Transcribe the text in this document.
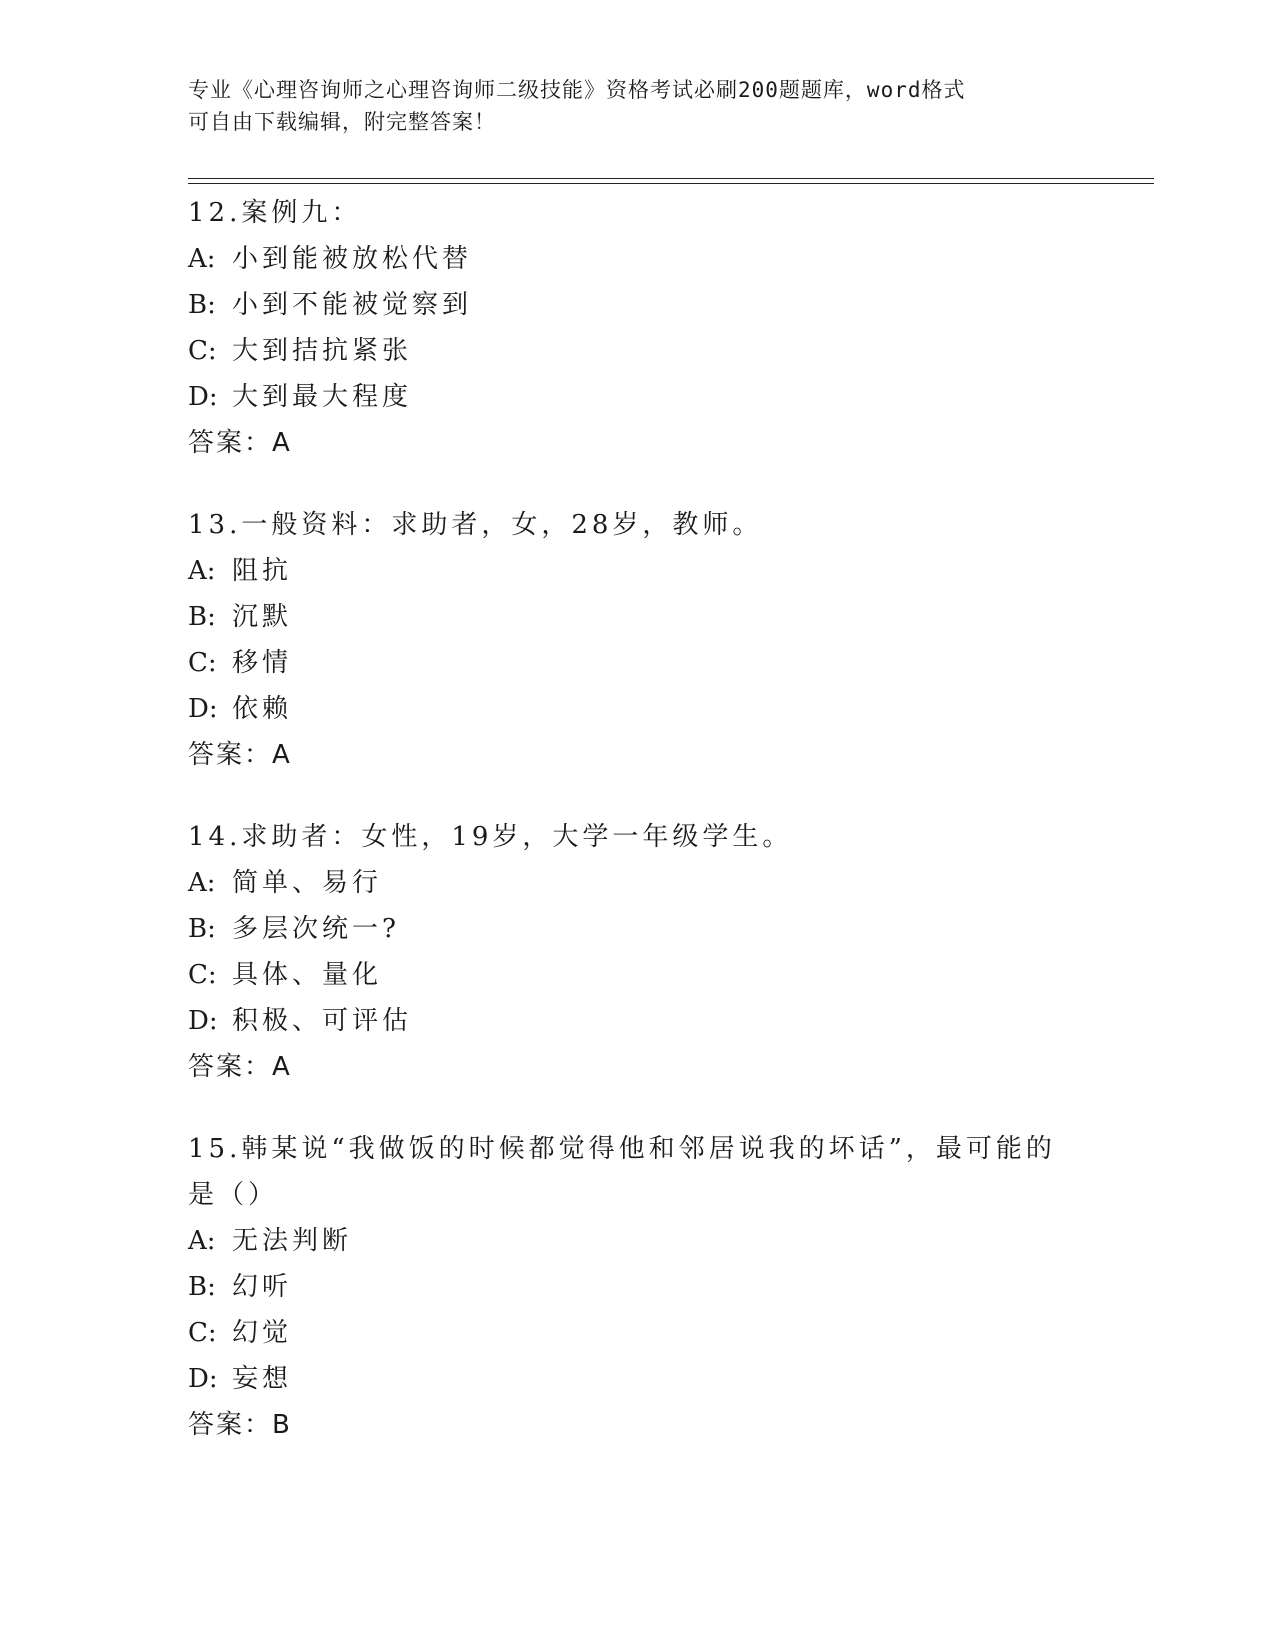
专业《心理咨询师之心理咨询师二级技能》资格考试必刷200题题库，word格式
可自由下载编辑，附完整答案！
12.案例九：
A: 小到能被放松代替
B: 小到不能被觉察到
C: 大到拮抗紧张
D: 大到最大程度
答案：A
13.一般资料：求助者，女，28岁，教师。
A: 阻抗
B: 沉默
C: 移情
D: 依赖
答案：A
14.求助者：女性，19岁，大学一年级学生。
A: 简单、易行
B: 多层次统一?
C: 具体、量化
D: 积极、可评估
答案：A
15.韩某说“我做饭的时候都觉得他和邻居说我的坏话”，最可能的是（）
A: 无法判断
B: 幻听
C: 幻觉
D: 妄想
答案：B
